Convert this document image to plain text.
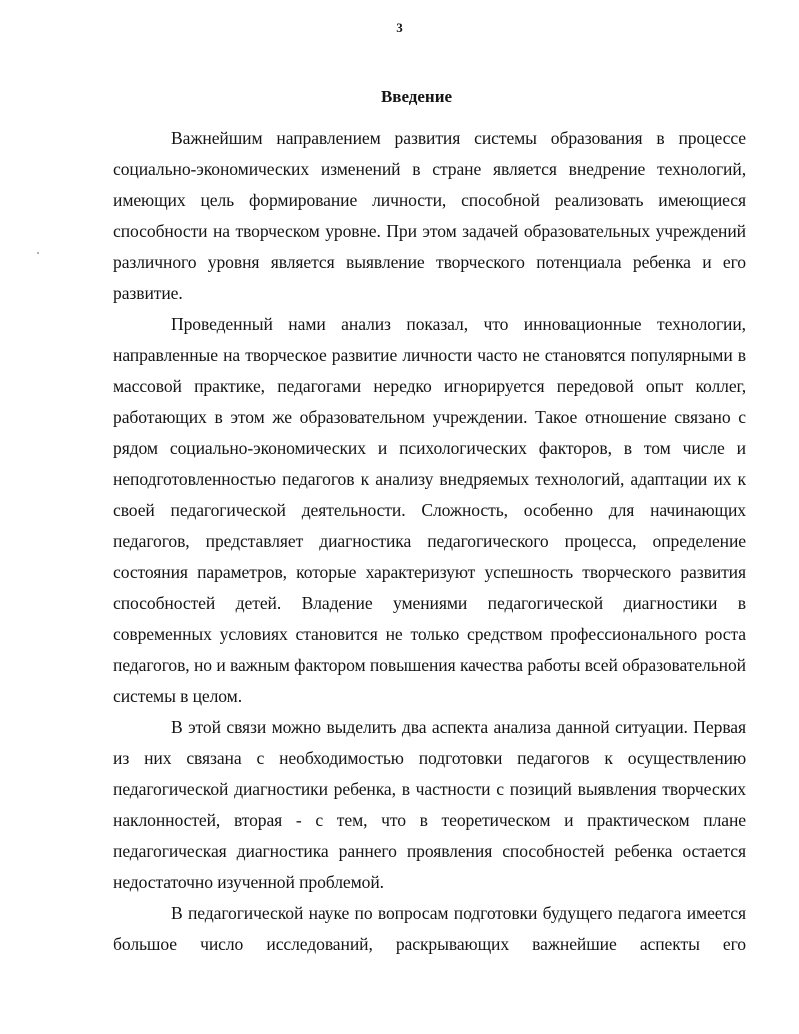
3
Введение

Важнейшим направлением развития системы образования в процессе социально-экономических изменений в стране является внедрение технологий, имеющих цель формирование личности, способной реализовать имеющиеся способности на творческом уровне. При этом задачей образовательных учреждений различного уровня является выявление творческого потенциала ребенка и его развитие.

Проведенный нами анализ показал, что инновационные технологии, направленные на творческое развитие личности часто не становятся популярными в массовой практике, педагогами нередко игнорируется передовой опыт коллег, работающих в этом же образовательном учреждении. Такое отношение связано с рядом социально-экономических и психологических факторов, в том числе и неподготовленностью педагогов к анализу внедряемых технологий, адаптации их к своей педагогической деятельности. Сложность, особенно для начинающих педагогов, представляет диагностика педагогического процесса, определение состояния параметров, которые характеризуют успешность творческого развития способностей детей. Владение умениями педагогической диагностики в современных условиях становится не только средством профессионального роста педагогов, но и важным фактором повышения качества работы всей образовательной системы в целом.

В этой связи можно выделить два аспекта анализа данной ситуации. Первая из них связана с необходимостью подготовки педагогов к осуществлению педагогической диагностики ребенка, в частности с позиций выявления творческих наклонностей, вторая - с тем, что в теоретическом и практическом плане педагогическая диагностика раннего проявления способностей ребенка остается недостаточно изученной проблемой.

В педагогической науке по вопросам подготовки будущего педагога имеется большое число исследований, раскрывающих важнейшие аспекты его
